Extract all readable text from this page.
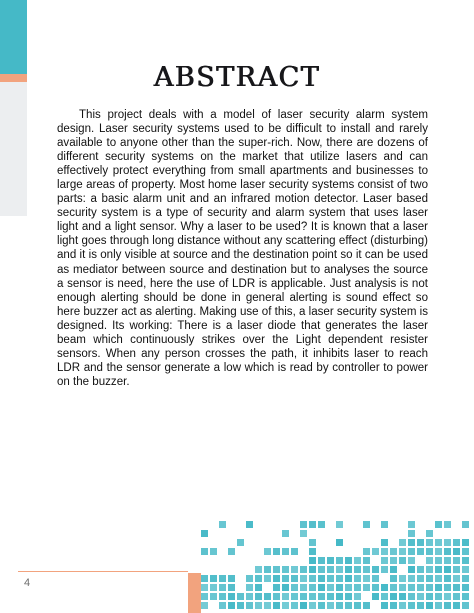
ABSTRACT

This project deals with a model of laser security alarm system design. Laser security systems used to be difficult to install and rarely available to anyone other than the super-rich. Now, there are dozens of different security systems on the market that utilize lasers and can effectively protect everything from small apartments and businesses to large areas of property. Most home laser security systems consist of two parts: a basic alarm unit and an infrared motion detector. Laser based security system is a type of security and alarm system that uses laser light and a light sensor. Why a laser to be used? It is known that a laser light goes through long distance without any scattering effect (disturbing) and it is only visible at source and the destination point so it can be used as mediator between source and destination but to analyses the source a sensor is need, here the use of LDR is applicable. Just analysis is not enough alerting should be done in general alerting is sound effect so here buzzer act as alerting. Making use of this, a laser security system is designed. Its working: There is a laser diode that generates the laser beam which continuously strikes over the Light dependent resister sensors. When any person crosses the path, it inhibits laser to reach LDR and the sensor generate a low which is read by controller to power on the buzzer.

4
